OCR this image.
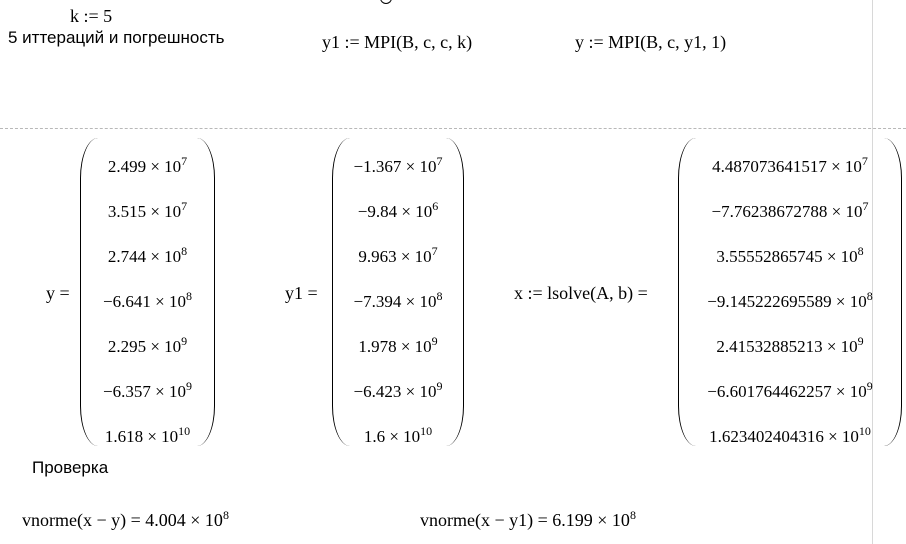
k := 5
5 иттераций и погрешность	y1 := MPI(B, c, c, k)	y := MPI(B, c, y1, 1)
y =
$2.499 \times 10^7$
$3.515 \times 10^7$
$2.744 \times 10^8$
$-6.641 \times 10^8$
$2.295 \times 10^9$
$-6.357 \times 10^9$
$1.618 \times 10^{10}$
y1 =
$-1.367 \times 10^7$
$-9.84 \times 10^6$
$9.963 \times 10^7$
$-7.394 \times 10^8$
$1.978 \times 10^9$
$-6.423 \times 10^9$
$1.6 \times 10^{10}$
x := lsolve(A, b) =
$4.487073641517 \times 10^7$
$-7.76238672788 \times 10^7$
$3.55552865745 \times 10^8$
$-9.145222695589 \times 10^8$
$2.41532885213 \times 10^9$
$-6.601764462257 \times 10^9$
$1.623402404316 \times 10^{10}$
Проверка
vnorme(x − $y) = 4.004 \times 10^8$	vnorme(x − $y1) = 6.199 \times 10^8$
